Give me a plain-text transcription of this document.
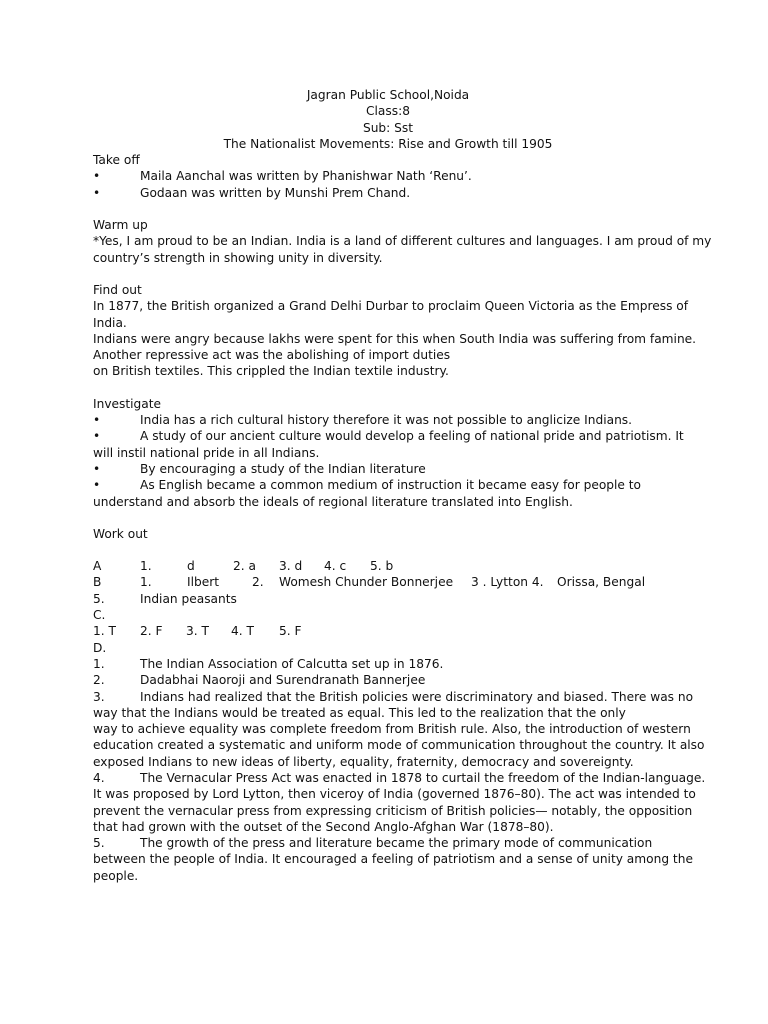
Jagran Public School,Noida
Class:8
Sub: Sst
The Nationalist Movements: Rise and Growth till 1905
Take off
•	Maila Aanchal was written by Phanishwar Nath ‘Renu’.
•	Godaan was written by Munshi Prem Chand.
Warm up
*Yes, I am proud to be an Indian. India is a land of different cultures and languages. I am proud of my
country’s strength in showing unity in diversity.
Find out
In 1877, the British organized a Grand Delhi Durbar to proclaim Queen Victoria as the Empress of
India.
Indians were angry because lakhs were spent for this when South India was suffering from famine.
Another repressive act was the abolishing of import duties
on British textiles. This crippled the Indian textile industry.
Investigate
•	India has a rich cultural history therefore it was not possible to anglicize Indians.
•	A study of our ancient culture would develop a feeling of national pride and patriotism. It
will instil national pride in all Indians.
•	By encouraging a study of the Indian literature
•	As English became a common medium of instruction it became easy for people to
understand and absorb the ideals of regional literature translated into English.
Work out
A	1.	d	2. a	3. d	4. c	5. b
B	1.	Ilbert	2.	Womesh Chunder Bonnerjee	3 . Lytton 4.	Orissa, Bengal
5.	Indian peasants
C.
1. T	2. F	3. T	4. T	5. F
D.
1.	The Indian Association of Calcutta set up in 1876.
2.	Dadabhai Naoroji and Surendranath Bannerjee
3.	Indians had realized that the British policies were discriminatory and biased. There was no
way that the Indians would be treated as equal. This led to the realization that the only
way to achieve equality was complete freedom from British rule. Also, the introduction of western
education created a systematic and uniform mode of communication throughout the country. It also
exposed Indians to new ideas of liberty, equality, fraternity, democracy and sovereignty.
4.	The Vernacular Press Act was enacted in 1878 to curtail the freedom of the Indian-language.
It was proposed by Lord Lytton, then viceroy of India (governed 1876–80). The act was intended to
prevent the vernacular press from expressing criticism of British policies— notably, the opposition
that had grown with the outset of the Second Anglo-Afghan War (1878–80).
5.	The growth of the press and literature became the primary mode of communication
between the people of India. It encouraged a feeling of patriotism and a sense of unity among the
people.
